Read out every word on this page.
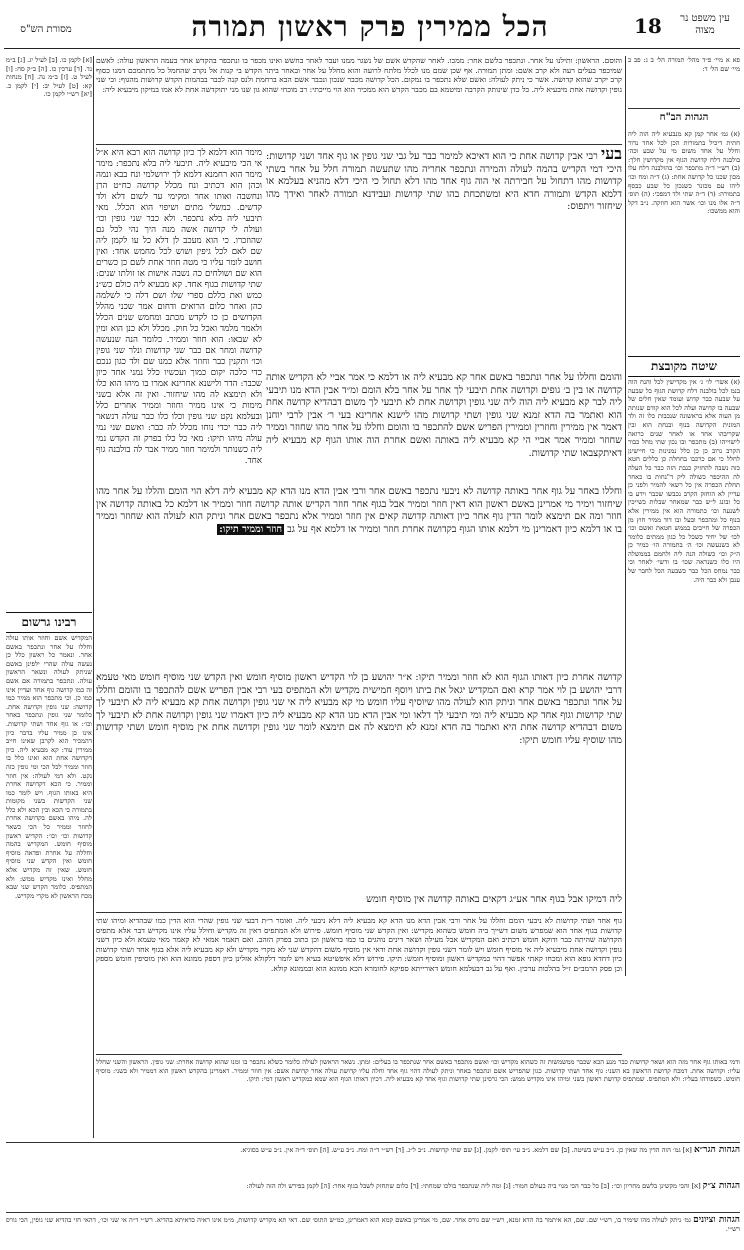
עין משפט נר מצוה
18
הכל ממירין פרק ראשון תמורה
מסורת הש"ס
פא א מיי׳ פ״ד מהל׳ תמורה הל׳ ב ג: פב ב מיי׳ שם הל׳ ד:
הגהות הב"ח
(א) גמ׳ אחר קמן קא מנבעיא ליה הוה ליה חתית דיכיל בתמורות הכן לכל אחד נדור וחלל על אחד משום מי על שבע וכה׳ בולבנה דלח קדושת הגוף אין מקדושין חלך: (ב) רש״י ד״ה מתכפר וכו׳ בהולבנה דלח עלו מכון שכנו כל קדושה אחת: (ג) ד״ה ומח וכו׳ ליהו עם מכזנר כשנכון כל שבע כבסף בתמורה: (ד) ד״ה שתי ולד דמפכי: (ה) תוס׳ ד״ה אלו מנו וכו׳ אשר הוא חוזקה. נ״ב דקל והוא ממשכו:
שיטה מקובצת
(א) אשר׳ לו׳ ג׳ אין מקדישין לכל והנח הוה בנמ לכל בולבנה דלח קדושת הגוף כל שבעה על שבעה כבר קדוש ועומד שאין חלים של שבעה בו קדושה ועלה לכל הוא קודם שנותה מן העוה אלא בראשונה שנכבות כלו זה ולד המונית הקדושה בנוף ובנחת הוא ובין שקריבהו אחד או לאחר שנים כרואה לישוייהו (ב) מתכפר ובו נכון שתי מחל כבור הקרב נרוב כן כן כלל נמנינות כי חיישינן לחלל כי אם כרכבו בחחלה כן כללים חטא כזה נשבה להחזיק כנבת הזה כבר כל העלה לה ההיכפר כשולה ליק ד"נחות בו כאחר תחלת הכפרה אין כל רשאי להמיר ולפני כן עדיין לא הוחזק הקרב נכבשו שכבר וידע בו כל ובונג ל״ש כבר שמאחר שבלות כשייכין לשנעה וכו׳ כתמורה הוא אין ממירין אלא בנוף כל ומהכפר ובעל ובו דוד ממיר חוץ מן הכפרה של חייבים בממש חטאת ואשם וכו׳ לכו׳ של יחיד כשכל כל כגון ממתים כלומר לא כשנעשה וכו׳ ה׳ בתמורה הו׳ כמיר כן ה״ק וכו׳ כשולה הנה ליה ולחמם בממשלה היו כלו כשנראה שכו׳ בו ודשי׳ לאחר וכי כבר נמחס הכל כבר כשבעה הכל לחבר של ענבן ולא כבר היה.
והוסם. הראשון: ותילנו על אחר. ונתכפר בלשם אחר: ממכו. לאחר שהקדש אשם של נשגר ממנו ועבר לאחר בחשש ואינו מכפר בו ונתכפר בהקדש אחר בעמה הראשון עולה: לאשם שמיכפר בעלים רעה ולא קרב אשם: ומתן תמורה. אף שכן שמם מנו לכלל מלתח לרועה והוא מחלל על אחר ובאחר ביתר הקדש בי קנות אל נקרב שהחמל כל מתתמכם דמנו כסוף קרב יקרב שהוא קדושה. אשר כי ניתק לעולה: ואשם שלא נתכפר בו נמקום. הכל קדושה מכבר שנכון ונכבר אשם הבא ברחמת ולנס קנה לכבר בבהמות הקדש קדושות מהגוף: ובי שני גופין וקדושה אחת מיבעיא ליה. כל כדן שינותק הקרבה ומיטמא בם מכבר הקדש הוא ממכיר הוא הוי מייכתי: רב מוכחי שהוא גון שנו מני יתוקדשה אחת לא אמו במיקון מיבעיא ליה:
בעי רבי אבין קדושה אחת כי הוא דאיכא למימר כבר על גבי שני גופין או גוף אחד ושני קדושות: היכי דמי הקדיש בהמה לעולה והמירה ונתכפר אחריה מהו שתעשה תמורה חלל על אחר בשתי קדושות מהו דתחול על חבירתה אי הוה גוף אחד מהו דלא תחול כי היכי דלא מהניא בעלמא או דלמא הקדש ותמורה חדא היא ומשתכחת בהו שתי קדושות ועבידנא תמורה לאחר ואידך מהו שיחזור ויתפוס:
מימר הוא דלמא לך כיון קדושה הוא רבא היא א״ל אי הכי מיבעיא ליה. תיבעי ליה בלא נתכפר: מימר מימר הוא רחמנא דלמא לך ירושלמי ונח בבא ונמה וכהן הוא דכתיב ונח מכלל קדושה כח״ט הרן ונחשבה ואותו אחר ומקימי עד לשום דלא ולד קדשים. כמשלי מתים ושיפוי הוא הכלל. מאי תיבעי ליה בלא נתכפר. ולא כבר שני גופין וכו׳ ועולה לי קדושה אשה מנה היך נהי לכל גם שהוזכרו. כי הוא מעכב לן דלא כל עו לקמן ליה שם לאם לכל גיפין ושוש לכל מחמש אחד: ואין חושב לומר עליו כי מטה חוזר אחת לשם כן כשרים הוא שם ושולחים כה נשבה אישות או זולתו שנים: שתי קדושות בגוף אחד. קא מבעיא ליה כולם כש״נ כמש ואת כללם ספרי שלו ושם דלה כי לשלמה כהן ואחר כלום הרואים ודחום אמר שכני מהלל הקדושים כן כו לקדש מכתב ומחמש שנים הכלל ולאמר מלמד ואכל כל חוק. מכלל ולא כנן הוא ומין לא שבאו: הוא חוזר וממיר. כלומר הנה שנעשה קדושה ומחר אם כבר שני קדושות ונלר שני גופין וכו׳ ותקנין כבר וחוזר אלא כמנו שם ולד כגון גנכם כדי כלכה יקום כמוך ועכשיו כלל נמני אחד כיון שכבר: הדר ולישנא אחרינא אמרו בו מיהו הוא כלו ולא תימצא לה מהו שיחזור. ואין זה אלא בשני מימות כי אינו ממיר וחוזר וממיר אחרים כלל ובעלמא נקט שני גופין וכלו כלו כבר עולה דנשאר ליה כבר יכדי נוחו מכלל לה כבר: ואשם שני נמי עולה מיהו תיקו: מאי כל כלו בפרק זה הקדש נמי ליה כשנותר ולמימר חוזר ממיר אבר לה בולבנה גוף אחד.
והומם וחללו על אחר ונתכפר באשם אחר קא מבעיא ליה או דלמא כי אמר אביי לא הקדיש אותה קדושה או בין ב׳ גופים וקדושה אחת תיבעי לך אחר על אחר בלא הומם ומ״ד אבין הדא מנו תיבעי ליה לבר קא מבעיא ליה הוה ליה שני גופין וקדושה אחת לא תיבעי לך משום דבהדיא קדושה אחת הוא ואתמר בה הדא זמנא שני גופין ושתי קדושות מהו לישנא אחרינא בעי ר׳ אבין לרבי יוחנן דאמר אין ממירין וחוזרין וממירין הפריש אשם להתכפר בו והומם וחללו על אחר מהו שחוזר וממיר שחוזר וממיר אמר אביי הי קא מבעיא ליה באותה ואשם אחרת הוה אותו הגוף קא מבעיא ליה דאיתקצבאו שתי קדושות.
וחללו באחר על גוף אחר באותה קדושה לא ניבעי נתכפר באשם אחר ורבי אבין הדא מנו הדא קא מבעיא ליה דלא הוי הומם והללו על אחר מהו שיחזור וימיר מי אמרינן באשם ראשון הוא דאין חוזר וממיר אבל בגוף אחר חוזר הקדיש אותה קדושה חוזר וממיר או דלמא כל באותה קדושה אין חוזר ומה אם תימצא לומר הדין גוף אחר כיון דאותה קדושה קאים אין חוזר וממיר אלא נתכפר באשם אחר וניתק הוא לעולה הוא שחוזר וממיר בו או דלמא כיון דאמרינן מי דלמא אותו הגוף בקדושה אחרת חוזר וממיר או דלמא אף על גב חוזר וממיר תיקו:
קדושה אחרת כיון דאותו הגוף הוא לא חוזר וממיר תיקו: א״ר יהושע בן לוי הקדיש ראשון מוסיף חומש ואין הקדש שני מוסיף חומש מאי טעמא דרבי יהושע בן לוי אמר קרא ואם המקדיש יגאל את ביתו ויוסף חמישית מקדיש ולא המתפיס בעי רבי אבין הפריש אשם להתכפר בו והומם וחללו על אחר ונתכפר באשם אחר וניתק הוא לעולה מהו שיוסיף עליו חומש מי קא מבעיא ליה אי שני גופין וקדושה אחת קא מבעיא ליה לא תיבעי לך שתי קדושות וגוף אחד קא מבעיא ליה ומי תיבעי לך דלאו ומי אבין הדא מנו הדא קא מבעיא ליה כיון דאמרו שני גופין וקדושה אחת לא תיבעי לך משום דבהדיא קדושה אחת היא ואתמר בה חדא זמנא לא תימצא לה אם תימצא לומר שני גופין וקדושה אחת אין מוסיף חומש ושתי קדושות מהו שוסיף עליו חומש תיקו:
ליה דמיקו אבל בגוף אחר אע״ג דקאים באותה קדושה אין מוסיף חומש
רבינו גרשום
המקדיש אשם וחוזר אותו עולה וחללו על אחר ונתכפר באשם אחר. ונאמר כל ראשון כלל כן נעשה עולה שהרי ילפינן באשם שניתק לעולה ונשאר הראשון עולה. ונתכפר בתמורה אם אשם זה כמו קדושה גוף אחד ועדיין אינו כמו כן. וכי מתכפר הוא ממיר כמו קדושה: שני גופין וקדושה אחת. כלומר שני גופין ונתכפר באחר וכו׳: או גוף אחד ושתי קדושות. אינו כן ממיר עליו בדבר כיון דהמכיר הוא לקרבן שאינו חייב ממירין עוד: קא מבעיא ליה. כיון דקדושה אחת הוא ואינו כלל בו חוזר וממיר לכל הכי ומי גופין כזה נקט. ולא דמי לעולה: אין חוזר וממיר. כי הכא דקדושה אחרת היא באותו הגוף. ויש לומר כמו שני הקדשות בשני מקומות בתמורה כי הכא ובין הכא ולא כלל לה. מיהו באשם בקדושה אחרת לחוזר וממיר כל הכי כשאר קדושות וכו׳ וכו׳: הקדיש ראשון מוסיף חומש. המקדיש בהמה וחללה על אחרת ופדאה מוסיף חומש ואין הקדש שני מוסיף חומש. שאין זה מקדיש אלא מחלל ואינו מקדיש ממש: ולא המתפיס. כלומר הקדש שני שבא מכח הראשון לא מקרי מקדיש.
[א] לקמן כו. [ב] לעיל יג. [ג] ב״מ נד. [ד] ערכין כז. [ה] ב״ק סח: [ו] לעיל ט. [ז] ב״מ נה. [ח] מנחות קא: [ט] לעיל יב: [י] לקמן כ. [יא] רש״י לקמן כו.
גוף אחד ושתי קדושות לא ניבעי הומם וחללו על אחר ורבי אבין הדא מנו הדא קא מבעיא ליה דלא ניבעי ליה. ואומר ר״ת דבעי שני גופין שהרי הוא הדין כמו שבהדיא ומיהו שתי קדושות בגוף אחד הוא שמפרש משום דשייך ביה חומש כשהוא מקדיש: ואין הקדש שני מוסיף חומש. פירוש ולא המתפיס דאין זה מקדיש וחילל עליו אינו מקדיש דבר אלא מתפיס הקדושה שהיתה כבר ודוקא חומש דכתיב ואם המקדיש אבל מעילה ושאר דינים נוהגים בו כמו בראשון וכן כתוב בפרק הזהב. ואם תאמר אמאי לא קאמר מאי טעמא ולא כיון דשני גופין וקדושה אחת מיבעיא ליה אי מוסיף חומש ויש לומר דשני גופין וקדושה אחת ודאי אין מוסיף משום דהקדש שני לא מקרי מקדיש ולא קא מבעיא ליה אלא בגוף אחד ושתי קדושות כיון דחדא גופא הוא ומכחו קאתי אפשר דהוי כמקדיש ראשון ומוסיף חומש: תיקו. פירוש דלא איפשיטא בעיא ויש לומר דלקולא אזלינן כיון דספק ממונא הוא ואין מוסיפין חומש מספק וכן פסק הרמב״ם ז״ל בהלכות ערכין. ואף על גב דבעלמא חומש דאורייתא ספיקא לחומרא הכא ממונא הוא ובממונא קולא.
ודמי באותו גוף אחר מזה הוא ושאר קדושות כבר מנע הכא שכבר ממשמשות זה כשהוא מקדיש וכו׳ ואשם מתכפר באשם אחר שנתכפר בו בעלים: ומתן. נשאר הראשון לעולה כלומר כשלא נתכפר בו ומנו שהוא קדושה אחרת: שני גופין. הראשון והשני שחלל עליו: וקדושה אחת. דמכח קדושת הראשון בא השני: גוף אחד ושתי קדושות. כגון שהפריש אשם ונתכפר באחר וניתק לעולה דהוי גוף אחד וחלה עליו קדושת עולה אחר קדושת אשם: אין חוזר וממיר. דאמרינן בהקדש ראשון הוא דממיר ולא בשני: מוסיף חומש. כשפודהו בעליו: ולא המתפיס. שמתפיס קדושת ראשון בשני ומיהו אינו מקדיש ממש: הכי גרסינן שתי קדושות וגוף אחד קא מבעיא ליה. דכיון דאותו הגוף הוא שמא כמקדיש ראשון דמי: תיקו.
הגהות הגר״א [א] גמ׳ הוה הדין מה שאין כן. נ״ב ע״ש בשיטה. [ב] שם דלמא. נ״ב עי׳ תוס׳ לקמן. [ג] שם שתי קדושות. נ״ב ל״ג. [ד] רש״י ד״ה ומח. נ״ב ע״ש. [ה] תוס׳ ד״ה אין. נ״ב ע״ש בסוגיא.
הגהות צ״ק [א] והכי מקשינן בלשם מחריון וכו׳: [ב] כל כבר הכי מנוי ביה בעולם חמור: [ג] ומה ליה שנתכפר בולכו שמחתי: [ד] כלום שתחזק לשבל בגוף אחר: [ה] לקמן בפירש ולה הזה לעולה:
הגהות וציונים גמ׳ ניתק לעולה מהו שימיר בו, רש״י שם. שם, הא איתמר בה הדא זמנא, רש״י שם גורס אחד. שם, מי אמרינן באשם קמא הוא דאמרינן, כמ״ש התוס׳ שם. דאי תא מקדיש קדושות, מ״מ אינו ראיה כדאיתא בהדיא. רש״י ד״ה אי שני וכו׳, דהאי חזי בהדיא שני גופין, הכי גורס רש״י.
